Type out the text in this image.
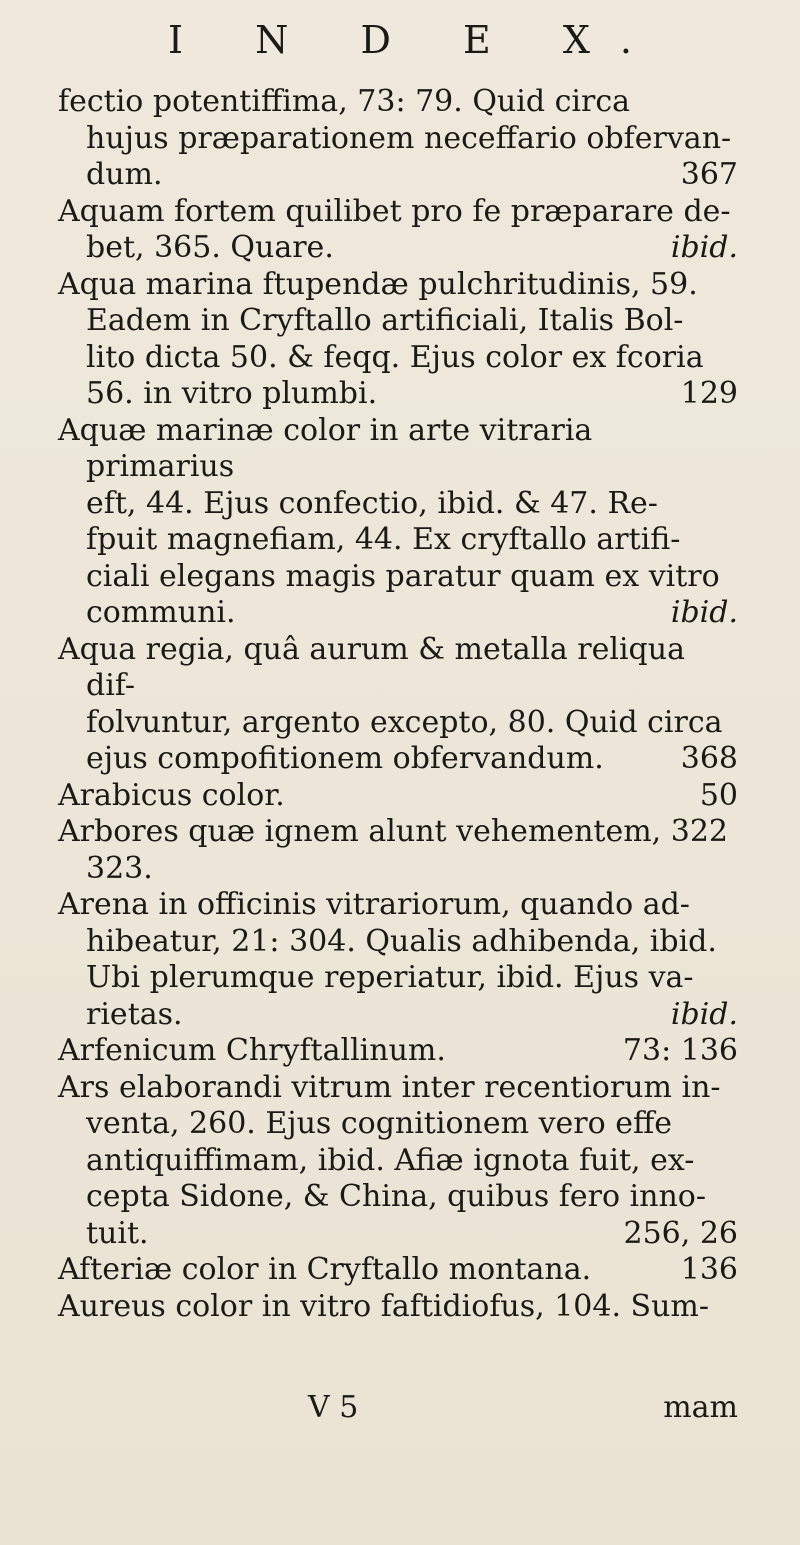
I N D E X.

fectio potentiffima, 73: 79. Quid circa
hujus præparationem neceffario obfervan-
dum.	367

Aquam fortem quilibet pro fe præparare de-
bet, 365. Quare.	ibid.

Aqua marina ftupendæ pulchritudinis, 59.
Eadem in Cryftallo artificiali, Italis Bol-
lito dicta 50. & feqq. Ejus color ex fcoria
56. in vitro plumbi.	129

Aquæ marinæ color in arte vitraria primarius
eft, 44. Ejus confectio, ibid. & 47. Re-
fpuit magnefiam, 44. Ex cryftallo artifi-
ciali elegans magis paratur quam ex vitro
communi.	ibid.

Aqua regia, quâ aurum & metalla reliqua dif-
folvuntur, argento excepto, 80. Quid circa
ejus compofitionem obfervandum.	368

Arabicus color.	50

Arbores quæ ignem alunt vehementem, 322
323.

Arena in officinis vitrariorum, quando ad-
hibeatur, 21: 304. Qualis adhibenda, ibid.
Ubi plerumque reperiatur, ibid. Ejus va-
rietas.	ibid.

Arfenicum Chryftallinum.	73: 136

Ars elaborandi vitrum inter recentiorum in-
venta, 260. Ejus cognitionem vero effe
antiquiffimam, ibid. Afiæ ignota fuit, ex-
cepta Sidone, & China, quibus fero inno-
tuit.	256, 26

Afteriæ color in Cryftallo montana.	136

Aureus color in vitro faftidiofus, 104. Sum-

V 5	mam
